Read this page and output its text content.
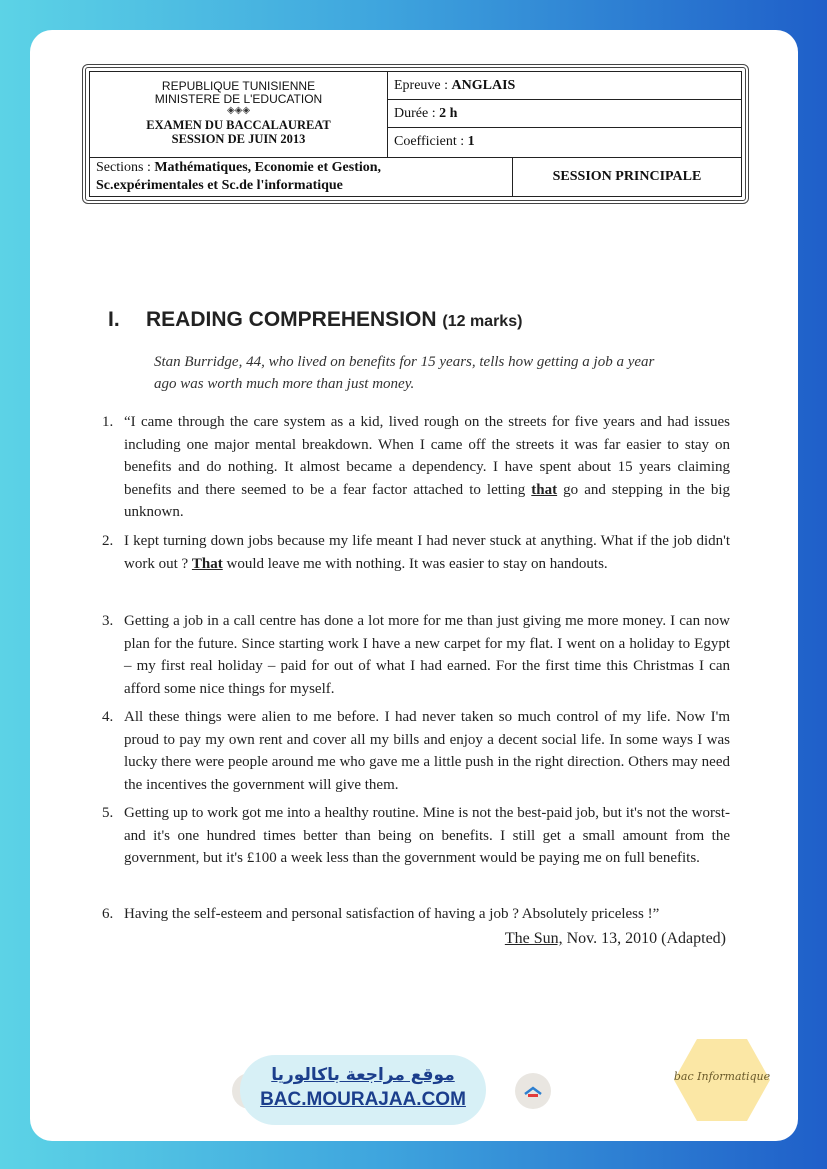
REPUBLIQUE TUNISIENNE
MINISTERE DE L'EDUCATION
◈◈◈
EXAMEN DU BACCALAUREAT
SESSION DE JUIN 2013
Epreuve : ANGLAIS
Durée : 2 h
Coefficient : 1
Sections : Mathématiques, Economie et Gestion,
Sc.expérimentales et Sc.de l'informatique
SESSION PRINCIPALE
I. READING COMPREHENSION (12 marks)
Stan Burridge, 44, who lived on benefits for 15 years, tells how getting a job a year ago was worth much more than just money.
1. “I came through the care system as a kid, lived rough on the streets for five years and had issues including one major mental breakdown. When I came off the streets it was far easier to stay on benefits and do nothing. It almost became a dependency. I have spent about 15 years claiming benefits and there seemed to be a fear factor attached to letting that go and stepping in the big unknown.
2. I kept turning down jobs because my life meant I had never stuck at anything. What if the job didn't work out ? That would leave me with nothing. It was easier to stay on handouts.
3. Getting a job in a call centre has done a lot more for me than just giving me more money. I can now plan for the future. Since starting work I have a new carpet for my flat. I went on a holiday to Egypt – my first real holiday – paid for out of what I had earned. For the first time this Christmas I can afford some nice things for myself.
4. All these things were alien to me before. I had never taken so much control of my life. Now I'm proud to pay my own rent and cover all my bills and enjoy a decent social life. In some ways I was lucky there were people around me who gave me a little push in the right direction. Others may need the incentives the government will give them.
5. Getting up to work got me into a healthy routine. Mine is not the best-paid job, but it's not the worst-and it's one hundred times better than being on benefits. I still get a small amount from the government, but it's £100 a week less than the government would be paying me on full benefits.
6. Having the self-esteem and personal satisfaction of having a job ? Absolutely priceless !”
The Sun, Nov. 13, 2010 (Adapted)
موقع مراجعة باكالوريا
BAC.MOURAJAA.COM
bac Informatique
